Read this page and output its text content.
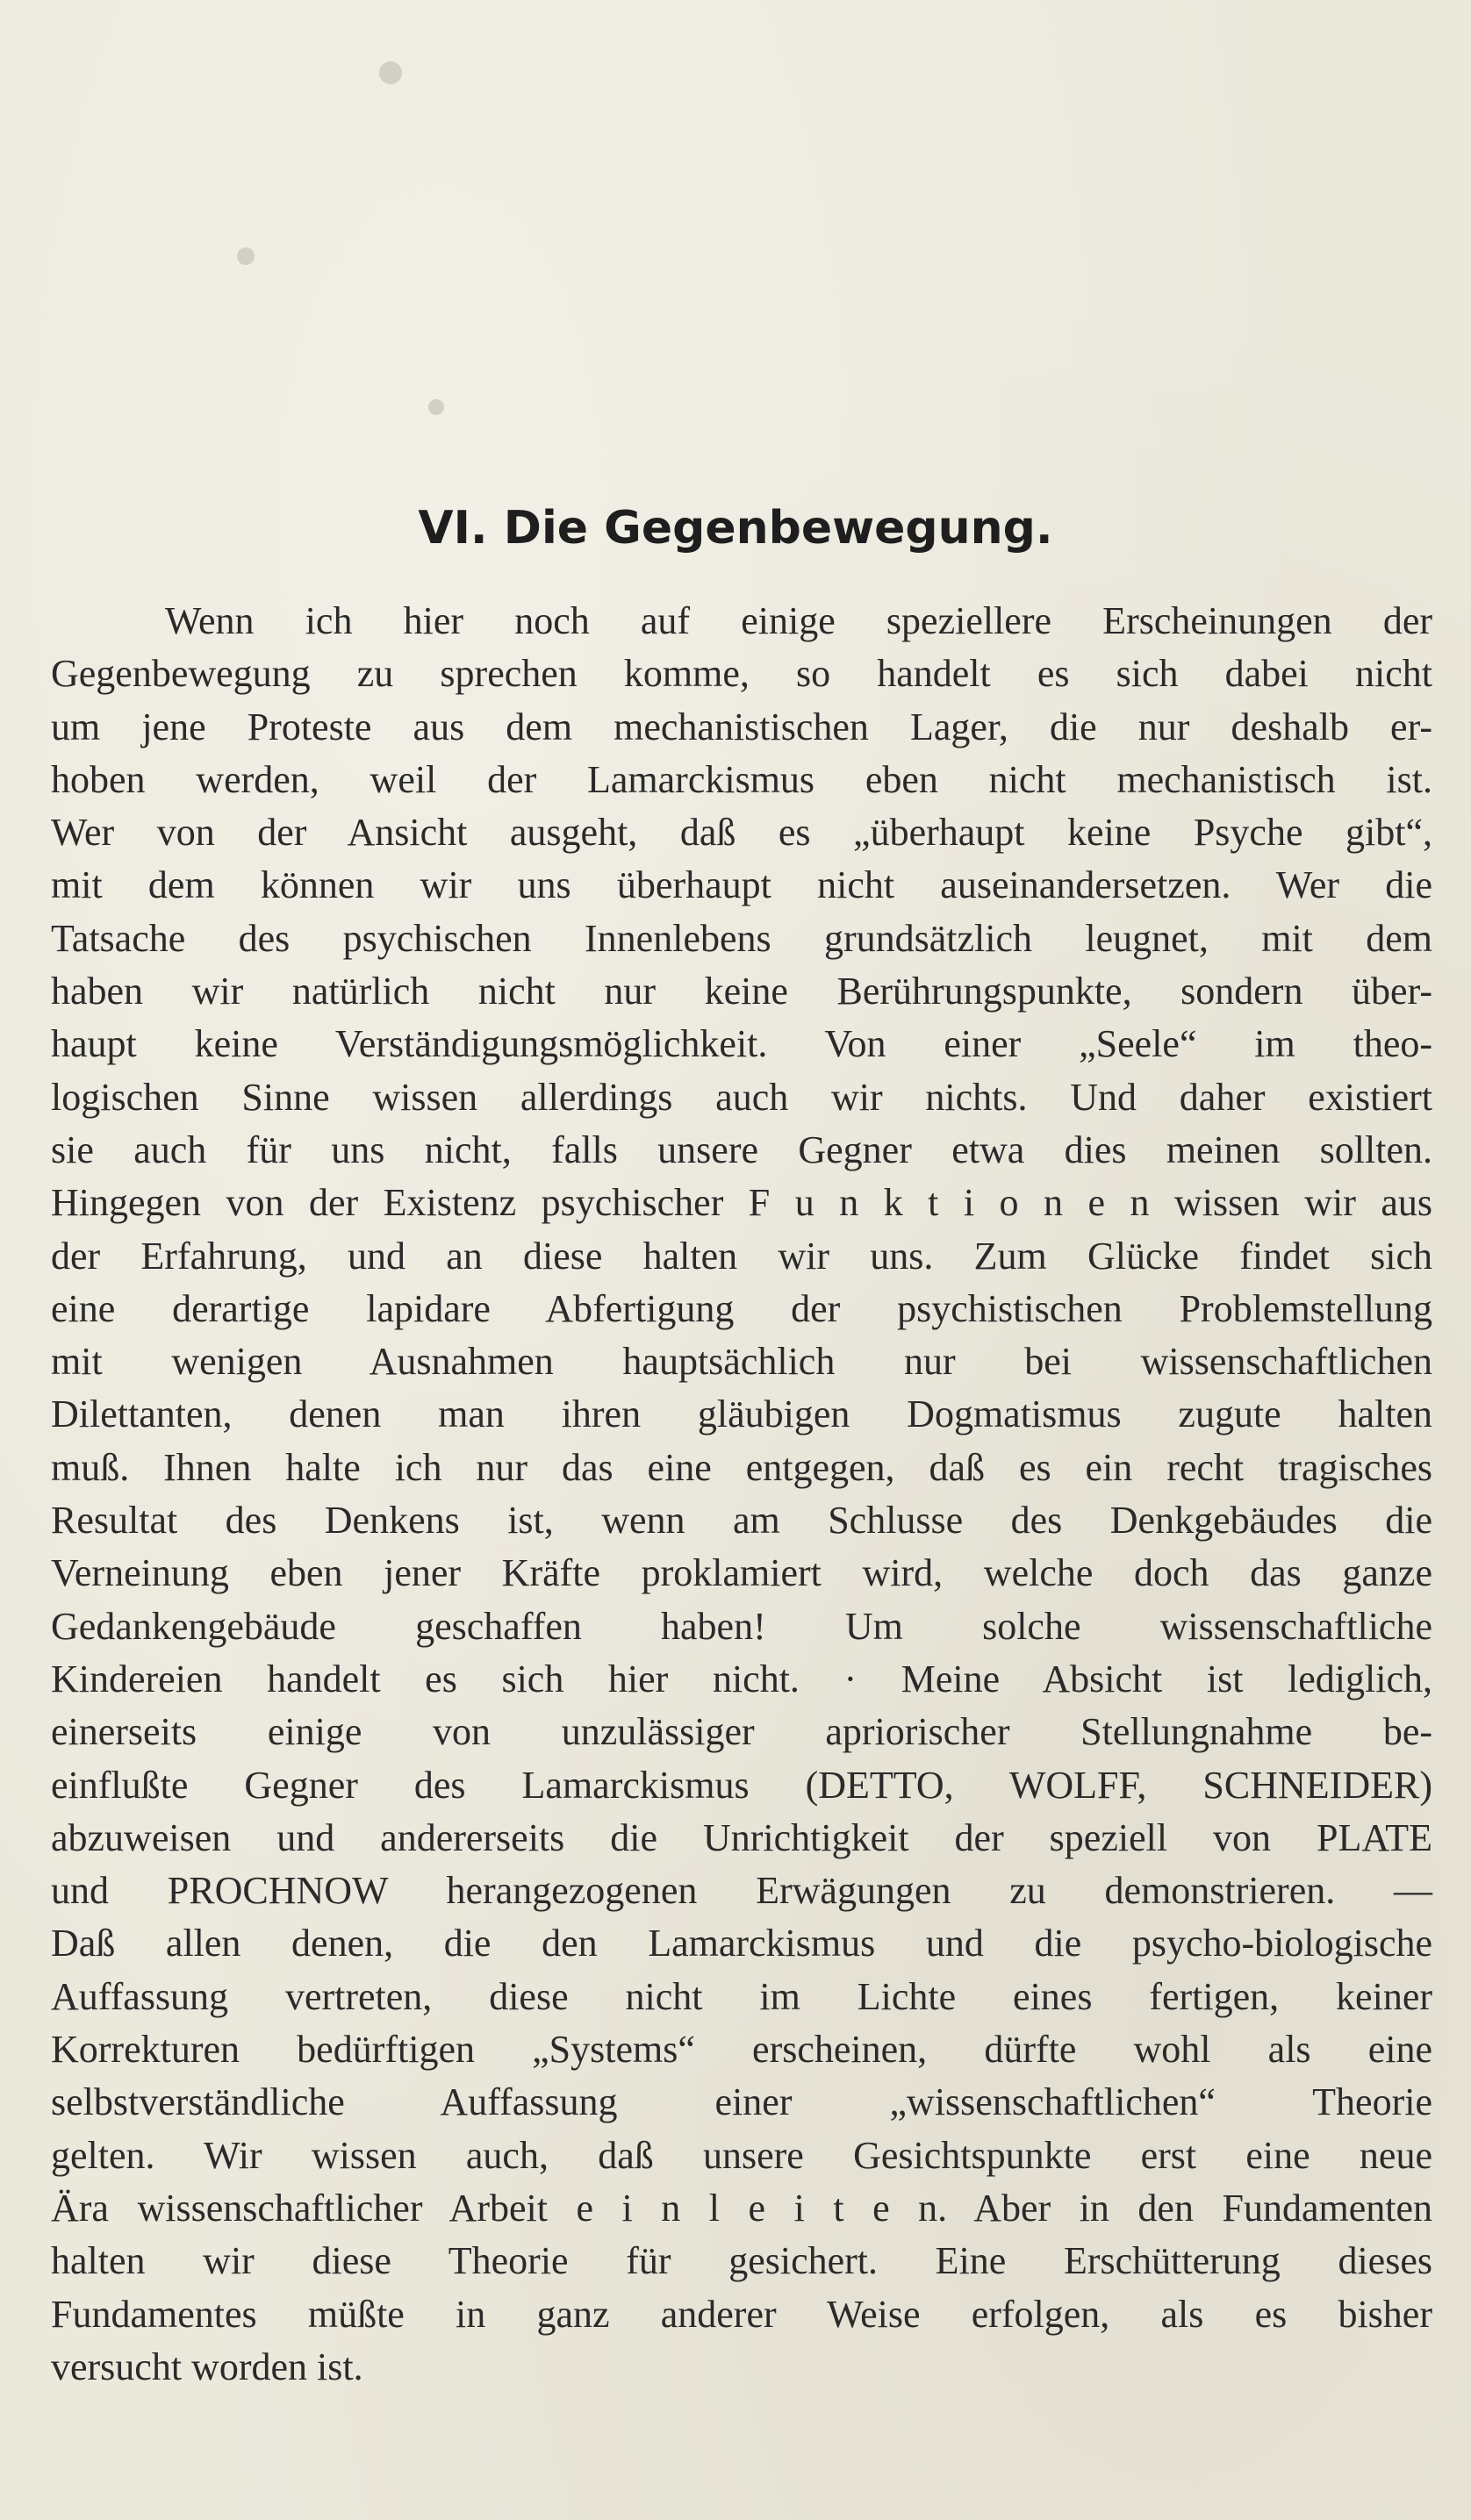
VI. Die Gegenbewegung.
Wenn ich hier noch auf einige speziellere Erscheinungen der
Gegenbewegung zu sprechen komme, so handelt es sich dabei nicht
um jene Proteste aus dem mechanistischen Lager, die nur deshalb er-
hoben werden, weil der Lamarckismus eben nicht mechanistisch ist.
Wer von der Ansicht ausgeht, daß es „überhaupt keine Psyche gibt“,
mit dem können wir uns überhaupt nicht auseinandersetzen. Wer die
Tatsache des psychischen Innenlebens grundsätzlich leugnet, mit dem
haben wir natürlich nicht nur keine Berührungspunkte, sondern über-
haupt keine Verständigungsmöglichkeit. Von einer „Seele“ im theo-
logischen Sinne wissen allerdings auch wir nichts. Und daher existiert
sie auch für uns nicht, falls unsere Gegner etwa dies meinen sollten.
Hingegen von der Existenz psychischer F u n k t i o n e n wissen wir aus
der Erfahrung, und an diese halten wir uns. Zum Glücke findet sich
eine derartige lapidare Abfertigung der psychistischen Problemstellung
mit wenigen Ausnahmen hauptsächlich nur bei wissenschaftlichen
Dilettanten, denen man ihren gläubigen Dogmatismus zugute halten
muß. Ihnen halte ich nur das eine entgegen, daß es ein recht tragisches
Resultat des Denkens ist, wenn am Schlusse des Denkgebäudes die
Verneinung eben jener Kräfte proklamiert wird, welche doch das ganze
Gedankengebäude geschaffen haben! Um solche wissenschaftliche
Kindereien handelt es sich hier nicht. · Meine Absicht ist lediglich,
einerseits einige von unzulässiger apriorischer Stellungnahme be-
einflußte Gegner des Lamarckismus (DETTO, WOLFF, SCHNEIDER)
abzuweisen und andererseits die Unrichtigkeit der speziell von PLATE
und PROCHNOW herangezogenen Erwägungen zu demonstrieren. —
Daß allen denen, die den Lamarckismus und die psycho-biologische
Auffassung vertreten, diese nicht im Lichte eines fertigen, keiner
Korrekturen bedürftigen „Systems“ erscheinen, dürfte wohl als eine
selbstverständliche Auffassung einer „wissenschaftlichen“ Theorie
gelten. Wir wissen auch, daß unsere Gesichtspunkte erst eine neue
Ära wissenschaftlicher Arbeit e i n l e i t e n. Aber in den Fundamenten
halten wir diese Theorie für gesichert. Eine Erschütterung dieses
Fundamentes müßte in ganz anderer Weise erfolgen, als es bisher
versucht worden ist.
